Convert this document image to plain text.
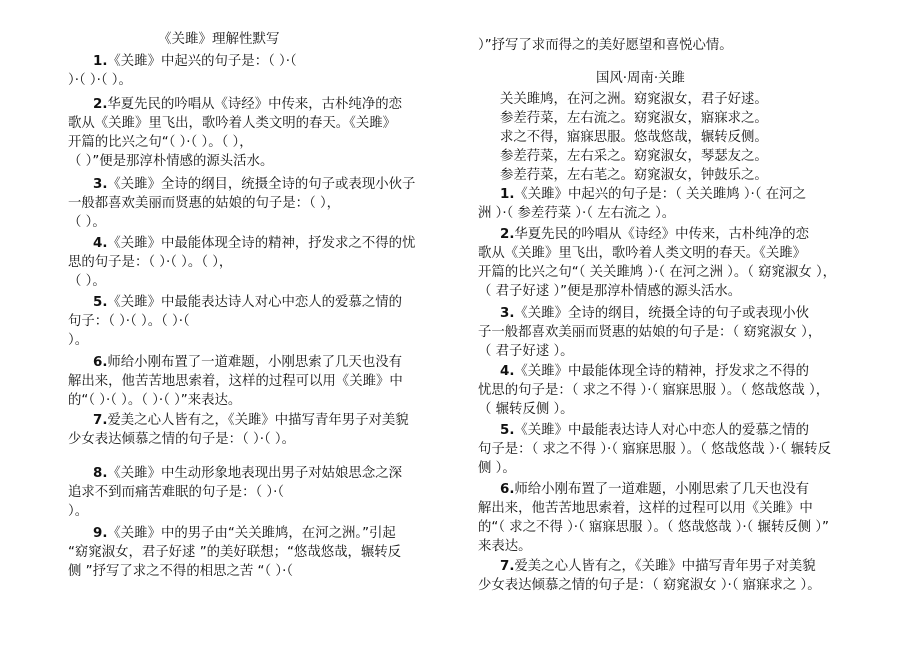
《关雎》理解性默写
1.《关雎》中起兴的句子是：（ ）·（
）·（ ）·（ ）。
2.华夏先民的吟唱从《诗经》中传来，古朴纯净的恋
歌从《关雎》里飞出，歌吟着人类文明的春天。《关雎》
开篇的比兴之句“（ ）·（ ）。（ ），
（ ）”便是那淳朴情感的源头活水。
3.《关雎》全诗的纲目，统摄全诗的句子或表现小伙子
一般都喜欢美丽而贤惠的姑娘的句子是：（ ），
（ ）。
4.《关雎》中最能体现全诗的精神，抒发求之不得的忧
思的句子是：（ ）·（ ）。（ ），
（ ）。
5.《关雎》中最能表达诗人对心中恋人的爱慕之情的
句子：（ ）·（ ）。（ ）·（
）。
6.师给小刚布置了一道难题，小刚思索了几天也没有
解出来，他苦苦地思索着，这样的过程可以用《关雎》中
的“（ ）·（ ）。（ ）·（ ）”来表达。
7.爱美之心人皆有之，《关雎》中描写青年男子对美貌
少女表达倾慕之情的句子是：（ ）·（ ）。
8.《关雎》中生动形象地表现出男子对姑娘思念之深
追求不到而痛苦难眠的句子是：（ ）·（
）。
9.《关雎》中的男子由“关关雎鸠，在河之洲。”引起
“窈窕淑女，君子好逑 ”的美好联想；“悠哉悠哉，辗转反
侧 ”抒写了求之不得的相思之苦 “（ ）·（
）”抒写了求而得之的美好愿望和喜悦心情。
国风·周南·关雎
关关雎鸠，在河之洲。窈窕淑女，君子好逑。
参差荇菜，左右流之。窈窕淑女，寤寐求之。
求之不得，寤寐思服。悠哉悠哉，辗转反侧。
参差荇菜，左右采之。窈窕淑女，琴瑟友之。
参差荇菜，左右芼之。窈窕淑女，钟鼓乐之。
1.《关雎》中起兴的句子是：（ 关关雎鸠 ）·（ 在河之
洲 ）·（ 参差荇菜 ）·（ 左右流之 ）。
2.华夏先民的吟唱从《诗经》中传来，古朴纯净的恋
歌从《关雎》里飞出，歌吟着人类文明的春天。《关雎》
开篇的比兴之句“（ 关关雎鸠 ）·（ 在河之洲 ）。（ 窈窕淑女 ），
（ 君子好逑 ）”便是那淳朴情感的源头活水。
3.《关雎》全诗的纲目，统摄全诗的句子或表现小伙
子一般都喜欢美丽而贤惠的姑娘的句子是：（ 窈窕淑女 ），
（ 君子好逑 ）。
4.《关雎》中最能体现全诗的精神，抒发求之不得的
忧思的句子是：（ 求之不得 ）·（ 寤寐思服 ）。（ 悠哉悠哉 ），
（ 辗转反侧 ）。
5.《关雎》中最能表达诗人对心中恋人的爱慕之情的
句子是：（ 求之不得 ）·（ 寤寐思服 ）。（ 悠哉悠哉 ）·（ 辗转反
侧 ）。
6.师给小刚布置了一道难题，小刚思索了几天也没有
解出来，他苦苦地思索着，这样的过程可以用《关雎》中
的“（ 求之不得 ）·（ 寤寐思服 ）。（ 悠哉悠哉 ）·（ 辗转反侧 ）”
来表达。
7.爱美之心人皆有之，《关雎》中描写青年男子对美貌
少女表达倾慕之情的句子是：（ 窈窕淑女 ）·（ 寤寐求之 ）。
